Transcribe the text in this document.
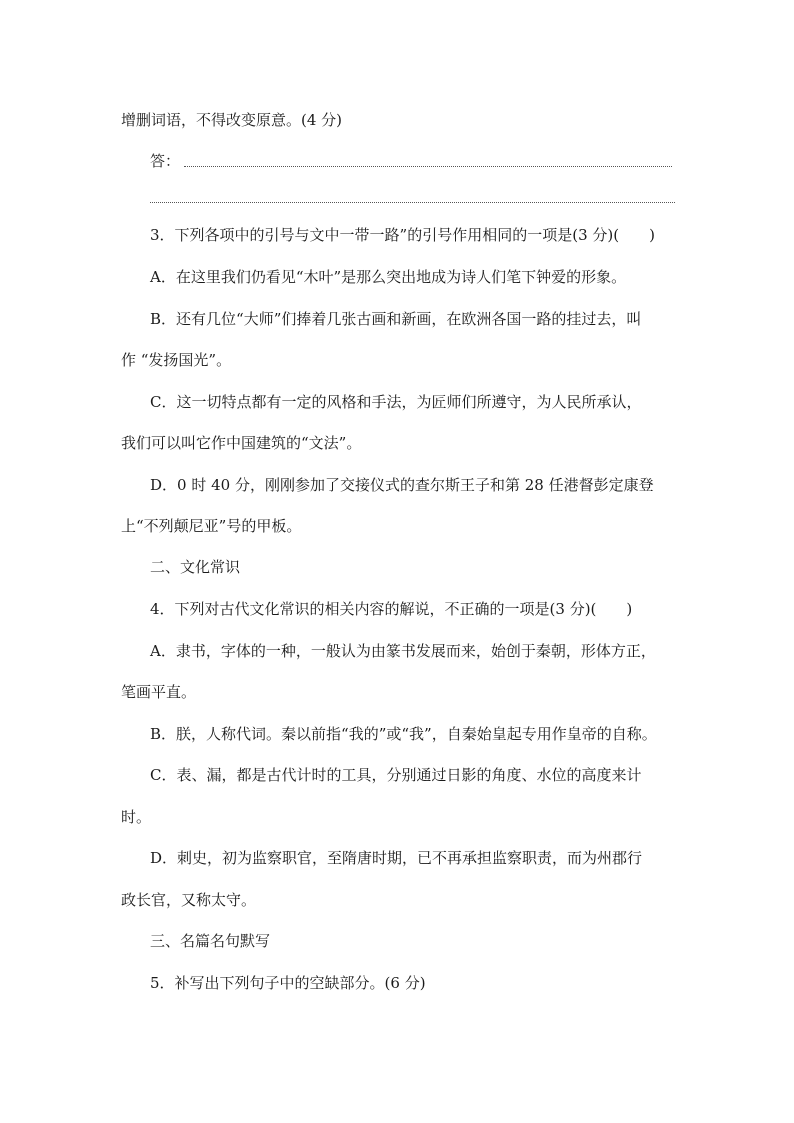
增删词语，不得改变原意。(4 分)
答：
3．下列各项中的引号与文中一带一路”的引号作用相同的一项是(3 分)(　　)
A．在这里我们仍看见“木叶”是那么突出地成为诗人们笔下钟爱的形象。
B．还有几位“大师”们捧着几张古画和新画，在欧洲各国一路的挂过去，叫
作 “发扬国光”。
C．这一切特点都有一定的风格和手法，为匠师们所遵守，为人民所承认，
我们可以叫它作中国建筑的“文法”。
D．0 时 40 分，刚刚参加了交接仪式的查尔斯王子和第 28 任港督彭定康登
上“不列颠尼亚”号的甲板。
二、文化常识
4．下列对古代文化常识的相关内容的解说，不正确的一项是(3 分)(　　)
A．隶书，字体的一种，一般认为由篆书发展而来，始创于秦朝，形体方正，
笔画平直。
B．朕，人称代词。秦以前指“我的”或“我”，自秦始皇起专用作皇帝的自称。
C．表、漏，都是古代计时的工具，分别通过日影的角度、水位的高度来计
时。
D．刺史，初为监察职官，至隋唐时期，已不再承担监察职责，而为州郡行
政长官，又称太守。
三、名篇名句默写
5．补写出下列句子中的空缺部分。(6 分)
